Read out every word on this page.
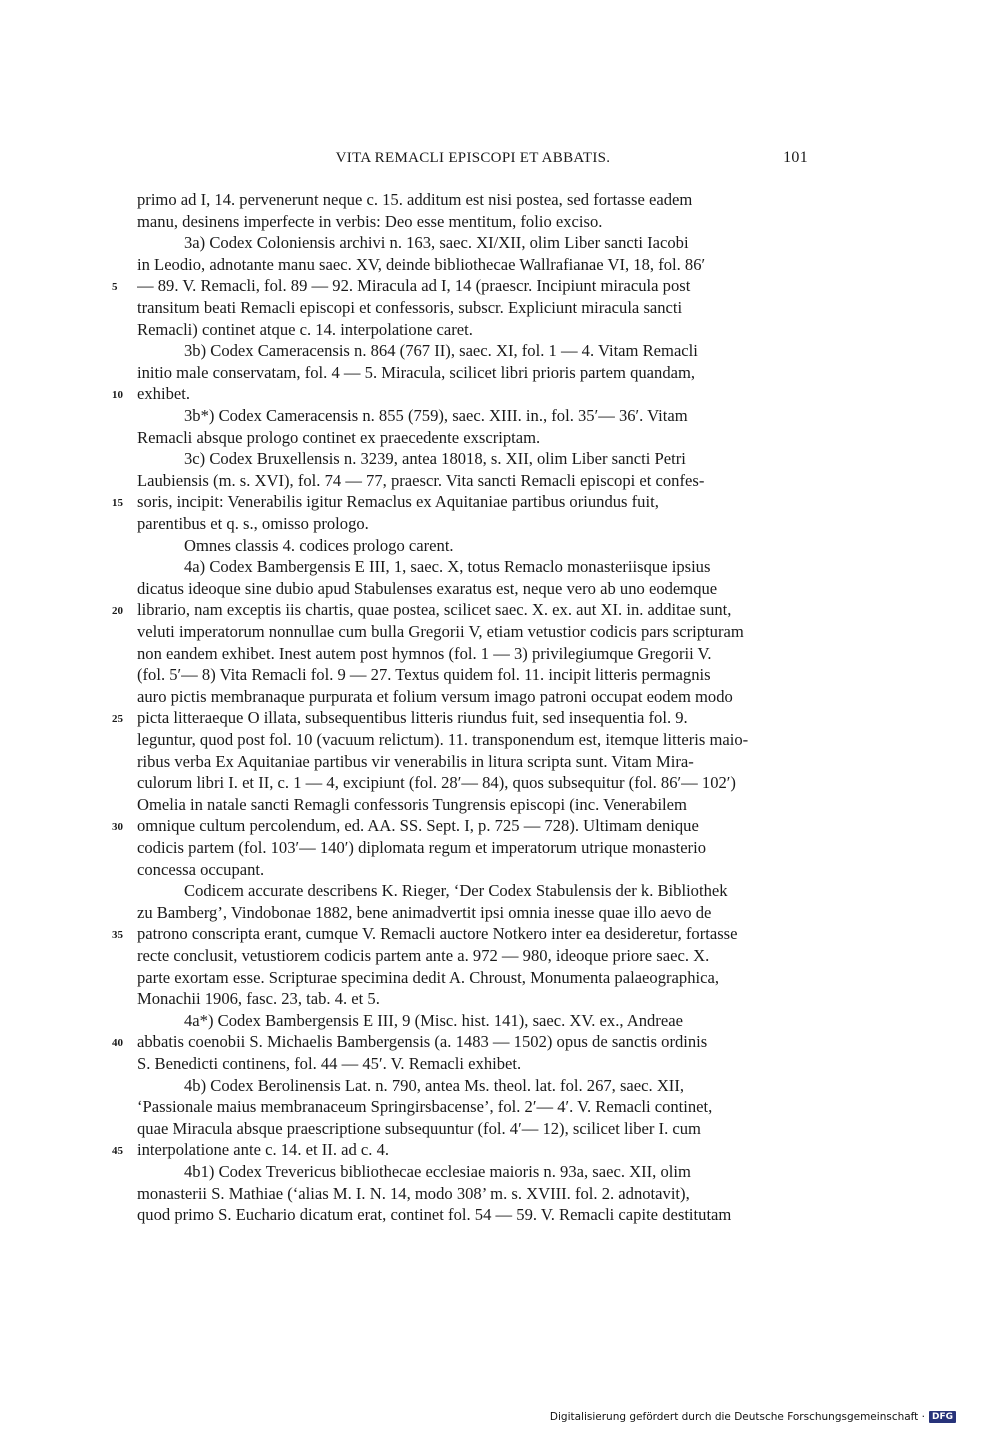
VITA REMACLI EPISCOPI ET ABBATIS.	101
primo ad I, 14. pervenerunt neque c. 15. additum est nisi postea, sed fortasse eadem
manu, desinens imperfecte in verbis: Deo esse mentitum, folio exciso.
3a) Codex Coloniensis archivi n. 163, saec. XI/XII, olim Liber sancti Iacobi
in Leodio, adnotante manu saec. XV, deinde bibliothecae Wallrafianae VI, 18, fol. 86′
— 89. V. Remacli, fol. 89 — 92. Miracula ad I, 14 (praescr. Incipiunt miracula post
5
transitum beati Remacli episcopi et confessoris, subscr. Expliciunt miracula sancti
Remacli) continet atque c. 14. interpolatione caret.
3b) Codex Cameracensis n. 864 (767 II), saec. XI, fol. 1 — 4. Vitam Remacli
initio male conservatam, fol. 4 — 5. Miracula, scilicet libri prioris partem quandam,
exhibet.
10
3b*) Codex Cameracensis n. 855 (759), saec. XIII. in., fol. 35′— 36′. Vitam
Remacli absque prologo continet ex praecedente exscriptam.
3c) Codex Bruxellensis n. 3239, antea 18018, s. XII, olim Liber sancti Petri
Laubiensis (m. s. XVI), fol. 74 — 77, praescr. Vita sancti Remacli episcopi et confes-
soris, incipit: Venerabilis igitur Remaclus ex Aquitaniae partibus oriundus fuit,
15
parentibus et q. s., omisso prologo.
Omnes classis 4. codices prologo carent.
4a) Codex Bambergensis E III, 1, saec. X, totus Remaclo monasteriisque ipsius
dicatus ideoque sine dubio apud Stabulenses exaratus est, neque vero ab uno eodemque
librario, nam exceptis iis chartis, quae postea, scilicet saec. X. ex. aut XI. in. additae sunt,
20
veluti imperatorum nonnullae cum bulla Gregorii V, etiam vetustior codicis pars scripturam
non eandem exhibet. Inest autem post hymnos (fol. 1 — 3) privilegiumque Gregorii V.
(fol. 5′— 8) Vita Remacli fol. 9 — 27. Textus quidem fol. 11. incipit litteris permagnis
auro pictis membranaque purpurata et folium versum imago patroni occupat eodem modo
picta litteraeque O illata, subsequentibus litteris riundus fuit, sed insequentia fol. 9.
25
leguntur, quod post fol. 10 (vacuum relictum). 11. transponendum est, itemque litteris maio-
ribus verba Ex Aquitaniae partibus vir venerabilis in litura scripta sunt. Vitam Mira-
culorum libri I. et II, c. 1 — 4, excipiunt (fol. 28′— 84), quos subsequitur (fol. 86′— 102′)
Omelia in natale sancti Remagli confessoris Tungrensis episcopi (inc. Venerabilem
omnique cultum percolendum, ed. AA. SS. Sept. I, p. 725 — 728). Ultimam denique
30
codicis partem (fol. 103′— 140′) diplomata regum et imperatorum utrique monasterio
concessa occupant.
Codicem accurate describens K. Rieger, ‘Der Codex Stabulensis der k. Bibliothek
zu Bamberg’, Vindobonae 1882, bene animadvertit ipsi omnia inesse quae illo aevo de
patrono conscripta erant, cumque V. Remacli auctore Notkero inter ea desideretur, fortasse
35
recte conclusit, vetustiorem codicis partem ante a. 972 — 980, ideoque priore saec. X.
parte exortam esse. Scripturae specimina dedit A. Chroust, Monumenta palaeographica,
Monachii 1906, fasc. 23, tab. 4. et 5.
4a*) Codex Bambergensis E III, 9 (Misc. hist. 141), saec. XV. ex., Andreae
abbatis coenobii S. Michaelis Bambergensis (a. 1483 — 1502) opus de sanctis ordinis
40
S. Benedicti continens, fol. 44 — 45′. V. Remacli exhibet.
4b) Codex Berolinensis Lat. n. 790, antea Ms. theol. lat. fol. 267, saec. XII,
‘Passionale maius membranaceum Springirsbacense’, fol. 2′— 4′. V. Remacli continet,
quae Miracula absque praescriptione subsequuntur (fol. 4′— 12), scilicet liber I. cum
interpolatione ante c. 14. et II. ad c. 4.
45
4b1) Codex Trevericus bibliothecae ecclesiae maioris n. 93a, saec. XII, olim
monasterii S. Mathiae (‘alias M. I. N. 14, modo 308’ m. s. XVIII. fol. 2. adnotavit),
quod primo S. Euchario dicatum erat, continet fol. 54 — 59. V. Remacli capite destitutam
Digitalisierung gefördert durch die Deutsche Forschungsgemeinschaft · DFG
